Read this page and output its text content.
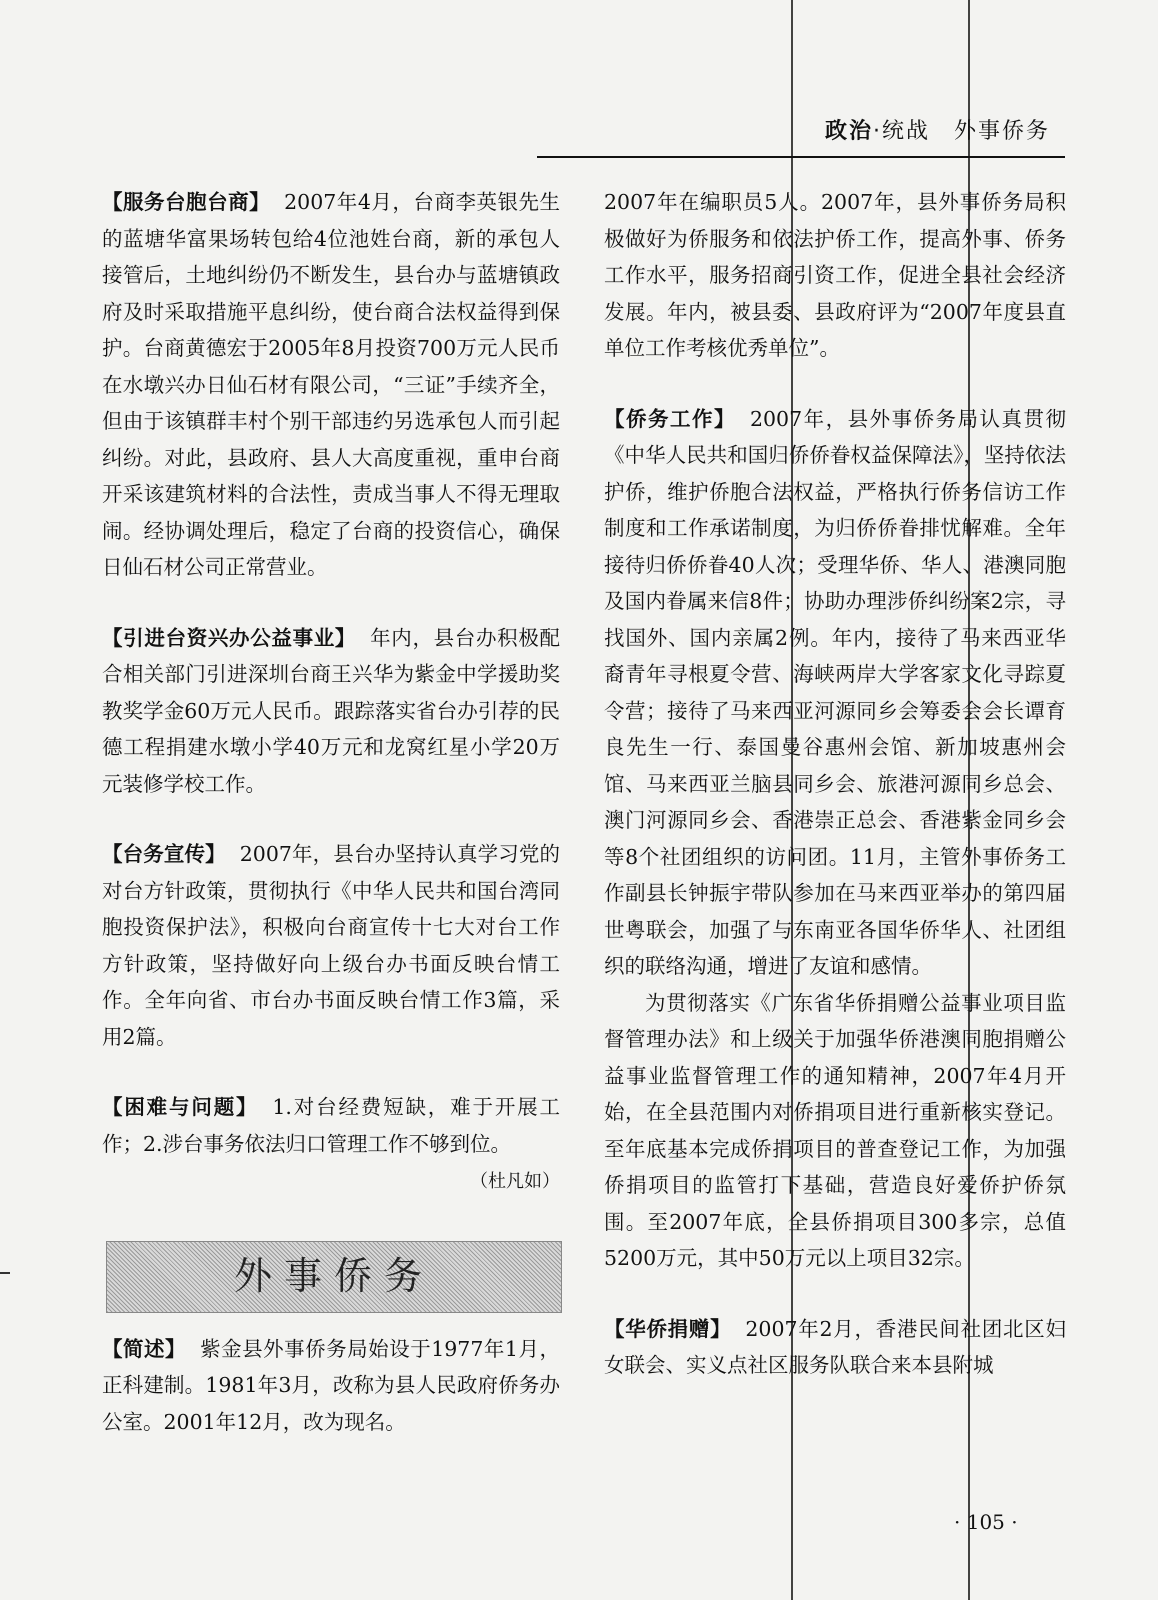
政治·统战　外事侨务

【服务台胞台商】 2007年4月，台商李英银先生的蓝塘华富果场转包给4位池姓台商，新的承包人接管后，土地纠纷仍不断发生，县台办与蓝塘镇政府及时采取措施平息纠纷，使台商合法权益得到保护。台商黄德宏于2005年8月投资700万元人民币在水墩兴办日仙石材有限公司，“三证”手续齐全，但由于该镇群丰村个别干部违约另选承包人而引起纠纷。对此，县政府、县人大高度重视，重申台商开采该建筑材料的合法性，责成当事人不得无理取闹。经协调处理后，稳定了台商的投资信心，确保日仙石材公司正常营业。

【引进台资兴办公益事业】 年内，县台办积极配合相关部门引进深圳台商王兴华为紫金中学援助奖教奖学金60万元人民币。跟踪落实省台办引荐的民德工程捐建水墩小学40万元和龙窝红星小学20万元装修学校工作。

【台务宣传】 2007年，县台办坚持认真学习党的对台方针政策，贯彻执行《中华人民共和国台湾同胞投资保护法》，积极向台商宣传十七大对台工作方针政策，坚持做好向上级台办书面反映台情工作。全年向省、市台办书面反映台情工作3篇，采用2篇。

【困难与问题】 1.对台经费短缺，难于开展工作；2.涉台事务依法归口管理工作不够到位。

（杜凡如）
外事侨务

【简述】 紫金县外事侨务局始设于1977年1月，正科建制。1981年3月，改称为县人民政府侨务办公室。2001年12月，改为现名。

2007年在编职员5人。2007年，县外事侨务局积极做好为侨服务和依法护侨工作，提高外事、侨务工作水平，服务招商引资工作，促进全县社会经济发展。年内，被县委、县政府评为“2007年度县直单位工作考核优秀单位”。

【侨务工作】 2007年，县外事侨务局认真贯彻《中华人民共和国归侨侨眷权益保障法》，坚持依法护侨，维护侨胞合法权益，严格执行侨务信访工作制度和工作承诺制度，为归侨侨眷排忧解难。全年接待归侨侨眷40人次；受理华侨、华人、港澳同胞及国内眷属来信8件；协助办理涉侨纠纷案2宗，寻找国外、国内亲属2例。年内，接待了马来西亚华裔青年寻根夏令营、海峡两岸大学客家文化寻踪夏令营；接待了马来西亚河源同乡会筹委会会长谭育良先生一行、泰国曼谷惠州会馆、新加坡惠州会馆、马来西亚兰脑县同乡会、旅港河源同乡总会、澳门河源同乡会、香港崇正总会、香港紫金同乡会等8个社团组织的访问团。11月，主管外事侨务工作副县长钟振宇带队参加在马来西亚举办的第四届世粤联会，加强了与东南亚各国华侨华人、社团组织的联络沟通，增进了友谊和感情。

为贯彻落实《广东省华侨捐赠公益事业项目监督管理办法》和上级关于加强华侨港澳同胞捐赠公益事业监督管理工作的通知精神，2007年4月开始，在全县范围内对侨捐项目进行重新核实登记。至年底基本完成侨捐项目的普查登记工作，为加强侨捐项目的监管打下基础，营造良好爱侨护侨氛围。至2007年底，全县侨捐项目300多宗，总值5200万元，其中50万元以上项目32宗。

【华侨捐赠】 2007年2月，香港民间社团北区妇女联会、实义点社区服务队联合来本县附城

· 105 ·
